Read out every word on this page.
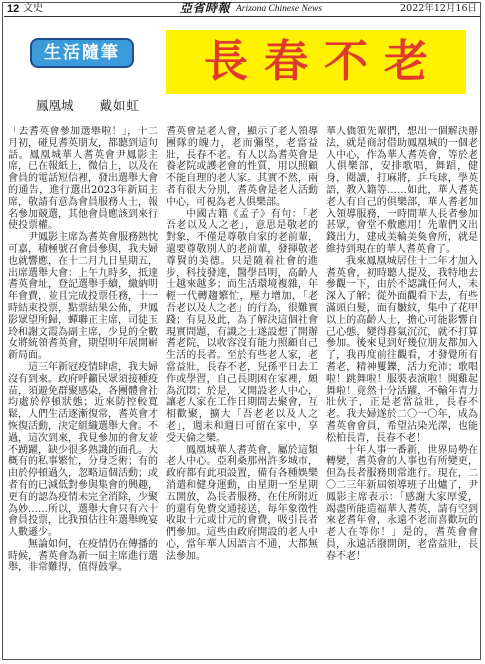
12 文史	亞省時報 Arizona Chinese News	2022年12月16日
生活隨筆	長春不老
鳳凰城 戴如虹

「去耆英會參加選舉啦！」，十二月初，碰見耆英朋友，都聽到這句話。鳳凰城華人耆英會尹鳳影主席，已在報紙上，微信上，以及在會員的電話短信裡，發出選舉大會的通告，進行選出2023年新屆主席，敬請有意為會員服務人士，報名參加競選，其他會員應該到來行使投票權。

尹鳳影主席為耆英會服務熱忱可嘉，積極號召會員參與，我夫婦也就響應，在十二月九日星期五，出席選舉大會：上午九時多，抵達耆英會址，登記選舉手續，繳納明年會費，並且完成投票任務，十一時結束投票，點票結果公佈，尹鳳影眾望所歸，蟬聯正主席，司徒玉玲和謝文霞為副主席，少見的全數女將統領耆英會，期望明年展開嶄新局面。

這三年新冠疫情肆虐，我夫婦沒有到來。政府呼籲民眾須接種疫苗，須避免群聚感染，各團體會社均處於停頓狀態；近來防控較寬鬆，人們生活逐漸復常，耆英會才恢復活動，決定組織選舉大會。不過，這次到來，我見參加的會友並不踴躍，缺少很多熟識的面孔。大概有的私事繁忙，分身乏術；有的由於停頓過久，忽略這個活動；或者有的已減低對參與集會的興趣，更有的認為疫情未完全消除，少聚為妙……所以，選舉大會只有六十會員投票，比我預估往年選舉晚宴人數遜少。

無論如何，在疫情仍在傳播的時候，耆英會為新一屆主席進行選舉，非常難得，值得鼓掌。

耆英會是老人會，顯示了老人領導團隊的魄力，老而彌堅，老當益壯，長春不老。有人以為耆英會是養老院或護老會的性質，用以照顧不能自理的老人家。其實不然，兩者有很大分別，耆英會是老人活動中心，可視為老人俱樂部。

中國古籍《孟子》有句：「老吾老以及人之老」，意思是敬老的對象，不僅是尊敬自家的老前輩，還要尊敬別人的老前輩，發揮敬老尊賢的美德。只是隨着社會的進步，科技發達，醫學昌明，高齡人士越來越多；而生活環境複雜，年輕一代轉趨繁忙，壓力增加，「老吾老以及人之老」的行為，很難實踐；有見及此，為了解決這個社會現實問題，有識之士遂設想了開辦耆老院，以收容沒有能力照顧自己生活的長者。至於有些老人家，老當益壯，長春不老，兒孫平日去工作或學習，自己長期困在家裡，頗為沉悶；於是，又開設老人中心，讓老人家在工作日期間去聚會，互相歡聚，擴大「吾老老以及人之老」，週末和週日可留在家中，享受天倫之樂。

鳳凰城華人耆英會，屬於這類老人中心。亞利桑那州許多城市，政府都有此項設置，備有各種娛樂消遣和健身運動，由星期一至星期五開放，為長者服務，在住所附近的還有免費交通接送，每年象徵性收取十元或廿元的會費，吸引長者們參加。這些由政府開設的老人中心，當年華人因語言不通，大都無法參加。

華人僑領先輩們，想出一個解決辦法，就是商討借助鳳凰城的一個老人中心，作為華人耆英會，等於老人俱樂部，安排歌唱，舞蹈，健身，閱讀，打麻將，乒乓球，學英語，教入籍等……如此，華人耆英老人有自己的俱樂部，華人耆老加入領導服務，一時間華人長者參加甚眾，會堂不敷應用！先輩們又出錢出力，建成美輪美奐會所，就是維持到現在的華人耆英會了。

我來鳳凰城居住十二年才加入耆英會，初時聽人提及，我特地去參觀一下，由於不認識任何人，未深入了解；從外面觀看下去，有些滿頭白髮，面有皺紋，集中了花甲以上的高齡人士，擔心可能影響自己心態，變得暮氣沉沉，就不打算參加。後來見到好幾位朋友都加入了，我再度前往觀看，才發覺所有耆老，精神矍鑠，活力充沛；歌唱啦！跳舞啦！服裝表演啦！聞雞起舞啦！竟然十分活躍，不輸年青力壯伙子，正是老當益壯，長春不老。我夫婦遂於二〇一〇年，成為耆英會會員，希望沾染光澤，也能松柏長青，長春不老！

十年人事一番新，世界局勢在轉變，耆英會的人事也有所變更，但為長者服務則常進行。現在，二〇二三年新屆領導班子出爐了，尹鳳影主席表示：「感謝大家厚愛，竭盡所能造福華人耆英，請有空到來老耆年會，永遠不老而喜歡玩的老人在等你！」是的，耆英會會員，永遠活潑開朗，老當益壯，長春不老！
